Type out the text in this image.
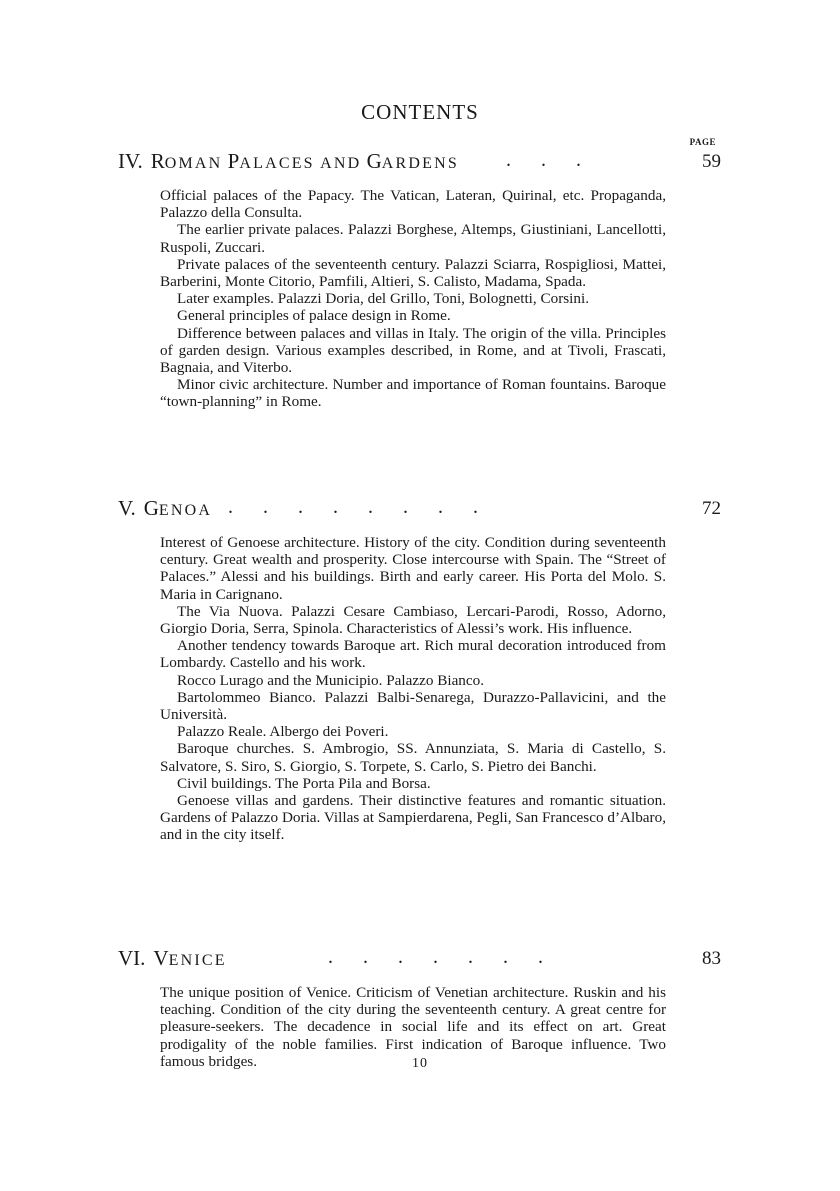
CONTENTS
PAGE
IV. ROMAN PALACES AND GARDENS .      .      .	59

Official palaces of the Papacy. The Vatican, Lateran, Quirinal, etc. Propaganda, Palazzo della Consulta.

The earlier private palaces. Palazzi Borghese, Altemps, Giustiniani, Lancellotti, Ruspoli, Zuccari.

Private palaces of the seventeenth century. Palazzi Sciarra, Rospigliosi, Mattei, Barberini, Monte Citorio, Pamfili, Altieri, S. Calisto, Madama, Spada.

Later examples. Palazzi Doria, del Grillo, Toni, Bolognetti, Corsini.

General principles of palace design in Rome.

Difference between palaces and villas in Italy. The origin of the villa. Principles of garden design. Various examples described, in Rome, and at Tivoli, Frascati, Bagnaia, and Viterbo.

Minor civic architecture. Number and importance of Roman fountains. Baroque “town-planning” in Rome.

V. GENOA .      .      .      .      .      .      .      .	72

Interest of Genoese architecture. History of the city. Condition during seventeenth century. Great wealth and prosperity. Close intercourse with Spain. The “Street of Palaces.” Alessi and his buildings. Birth and early career. His Porta del Molo. S. Maria in Carignano.

The Via Nuova. Palazzi Cesare Cambiaso, Lercari-Parodi, Rosso, Adorno, Giorgio Doria, Serra, Spinola. Characteristics of Alessi’s work. His influence.

Another tendency towards Baroque art. Rich mural decoration introduced from Lombardy. Castello and his work.

Rocco Lurago and the Municipio. Palazzo Bianco.

Bartolommeo Bianco. Palazzi Balbi-Senarega, Durazzo-Pallavicini, and the Università.

Palazzo Reale. Albergo dei Poveri.

Baroque churches. S. Ambrogio, SS. Annunziata, S. Maria di Castello, S. Salvatore, S. Siro, S. Giorgio, S. Torpete, S. Carlo, S. Pietro dei Banchi.

Civil buildings. The Porta Pila and Borsa.

Genoese villas and gardens. Their distinctive features and romantic situation. Gardens of Palazzo Doria. Villas at Sampierdarena, Pegli, San Francesco d’Albaro, and in the city itself.

VI. VENICE	.      .      .      .      .      .      .	83

The unique position of Venice. Criticism of Venetian architecture. Ruskin and his teaching. Condition of the city during the seventeenth century. A great centre for pleasure-seekers. The decadence in social life and its effect on art. Great prodigality of the noble families. First indication of Baroque influence. Two famous bridges.	10
